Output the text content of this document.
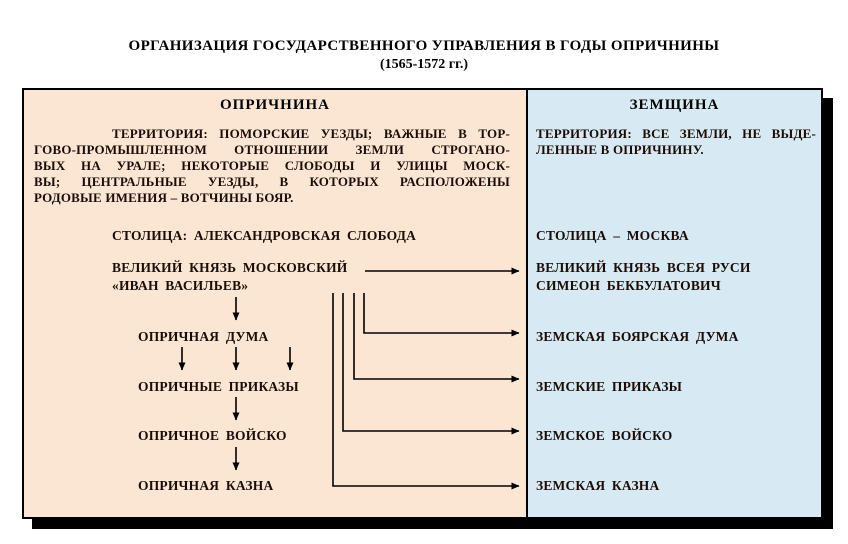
ОРГАНИЗАЦИЯ ГОСУДАРСТВЕННОГО УПРАВЛЕНИЯ В ГОДЫ ОПРИЧНИНЫ
(1565-1572 гг.)
ОПРИЧНИНА
ТЕРРИТОРИЯ: ПОМОРСКИЕ УЕЗДЫ; ВАЖНЫЕ В ТОР-
ГОВО-ПРОМЫШЛЕННОМ ОТНОШЕНИИ ЗЕМЛИ СТРОГАНО-
ВЫХ НА УРАЛЕ; НЕКОТОРЫЕ СЛОБОДЫ И УЛИЦЫ МОСК-
ВЫ; ЦЕНТРАЛЬНЫЕ УЕЗДЫ, В КОТОРЫХ РАСПОЛОЖЕНЫ
РОДОВЫЕ ИМЕНИЯ – ВОТЧИНЫ БОЯР.
СТОЛИЦА: АЛЕКСАНДРОВСКАЯ СЛОБОДА
ВЕЛИКИЙ КНЯЗЬ МОСКОВСКИЙ
«ИВАН ВАСИЛЬЕВ»
ОПРИЧНАЯ ДУМА
ОПРИЧНЫЕ ПРИКАЗЫ
ОПРИЧНОЕ ВОЙСКО
ОПРИЧНАЯ КАЗНА
ЗЕМЩИНА
ТЕРРИТОРИЯ: ВСЕ ЗЕМЛИ, НЕ ВЫДЕ-
ЛЕННЫЕ В ОПРИЧНИНУ.
СТОЛИЦА – МОСКВА
ВЕЛИКИЙ КНЯЗЬ ВСЕЯ РУСИ
СИМЕОН БЕКБУЛАТОВИЧ
ЗЕМСКАЯ БОЯРСКАЯ ДУМА
ЗЕМСКИЕ ПРИКАЗЫ
ЗЕМСКОЕ ВОЙСКО
ЗЕМСКАЯ КАЗНА
